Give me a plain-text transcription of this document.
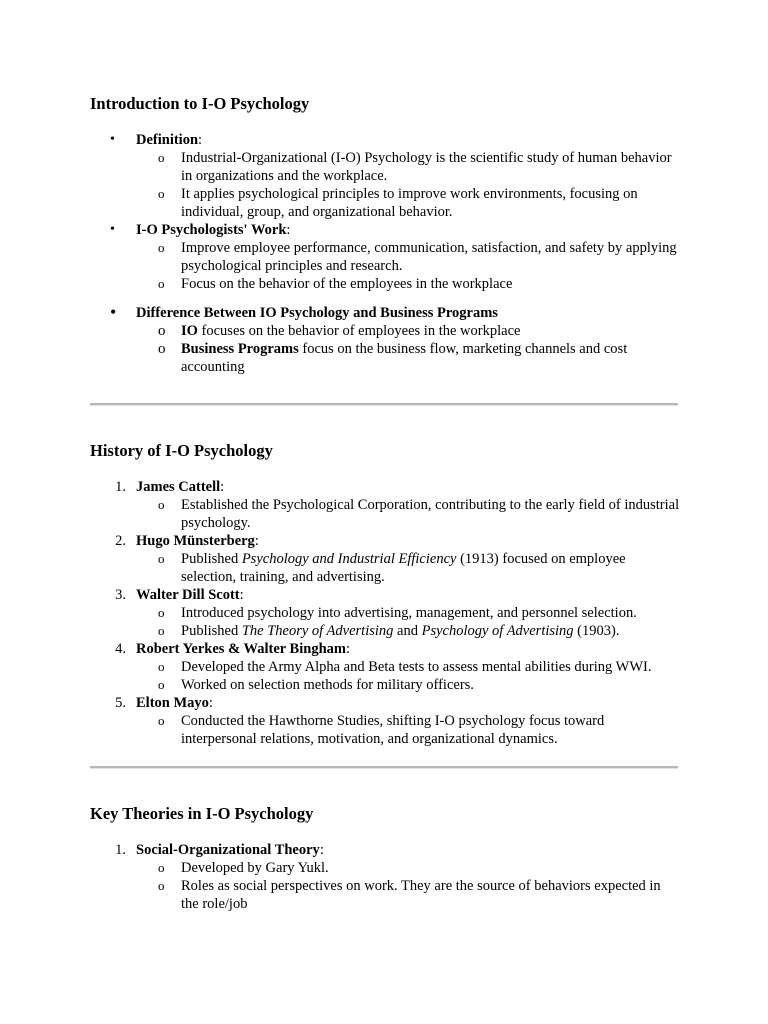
Introduction to I-O Psychology
• Definition:
o Industrial-Organizational (I-O) Psychology is the scientific study of human behavior in organizations and the workplace.
o It applies psychological principles to improve work environments, focusing on individual, group, and organizational behavior.
• I-O Psychologists' Work:
o Improve employee performance, communication, satisfaction, and safety by applying psychological principles and research.
o Focus on the behavior of the employees in the workplace
• Difference Between IO Psychology and Business Programs
o IO focuses on the behavior of employees in the workplace
o Business Programs focus on the business flow, marketing channels and cost accounting
History of I-O Psychology
1. James Cattell:
o Established the Psychological Corporation, contributing to the early field of industrial psychology.
2. Hugo Münsterberg:
o Published Psychology and Industrial Efficiency (1913) focused on employee selection, training, and advertising.
3. Walter Dill Scott:
o Introduced psychology into advertising, management, and personnel selection.
o Published The Theory of Advertising and Psychology of Advertising (1903).
4. Robert Yerkes & Walter Bingham:
o Developed the Army Alpha and Beta tests to assess mental abilities during WWI.
o Worked on selection methods for military officers.
5. Elton Mayo:
o Conducted the Hawthorne Studies, shifting I-O psychology focus toward interpersonal relations, motivation, and organizational dynamics.
Key Theories in I-O Psychology
1. Social-Organizational Theory:
o Developed by Gary Yukl.
o Roles as social perspectives on work. They are the source of behaviors expected in the role/job
